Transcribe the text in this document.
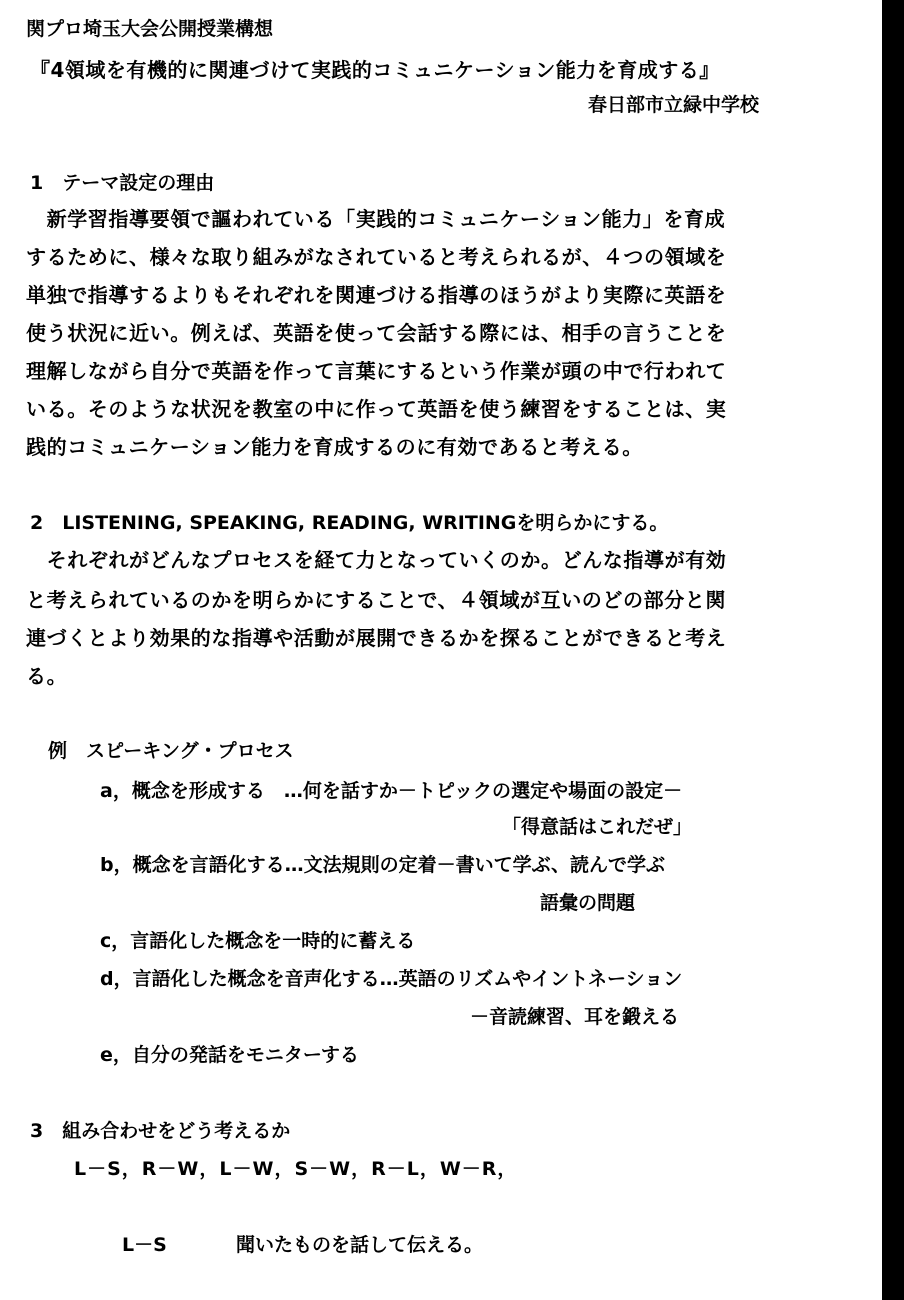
関プロ埼玉大会公開授業構想
『4領域を有機的に関連づけて実践的コミュニケーション能力を育成する』
春日部市立緑中学校
1　テーマ設定の理由
　新学習指導要領で謳われている「実践的コミュニケーション能力」を育成
するために、様々な取り組みがなされていると考えられるが、４つの領域を
単独で指導するよりもそれぞれを関連づける指導のほうがより実際に英語を
使う状況に近い。例えば、英語を使って会話する際には、相手の言うことを
理解しながら自分で英語を作って言葉にするという作業が頭の中で行われて
いる。そのような状況を教室の中に作って英語を使う練習をすることは、実
践的コミュニケーション能力を育成するのに有効であると考える。
2　LISTENING, SPEAKING, READING, WRITINGを明らかにする。
　それぞれがどんなプロセスを経て力となっていくのか。どんな指導が有効
と考えられているのかを明らかにすることで、４領域が互いのどの部分と関
連づくとより効果的な指導や活動が展開できるかを探ることができると考え
る。
例　スピーキング・プロセス
a，概念を形成する　…何を話すか－トピックの選定や場面の設定－
「得意話はこれだぜ」
b，概念を言語化する…文法規則の定着－書いて学ぶ、読んで学ぶ
語彙の問題
c，言語化した概念を一時的に蓄える
d，言語化した概念を音声化する…英語のリズムやイントネーション
－音読練習、耳を鍛える
e，自分の発話をモニターする
3　組み合わせをどう考えるか
L－S，R－W，L－W，S－W，R－L，W－R，
L－S	聞いたものを話して伝える。
